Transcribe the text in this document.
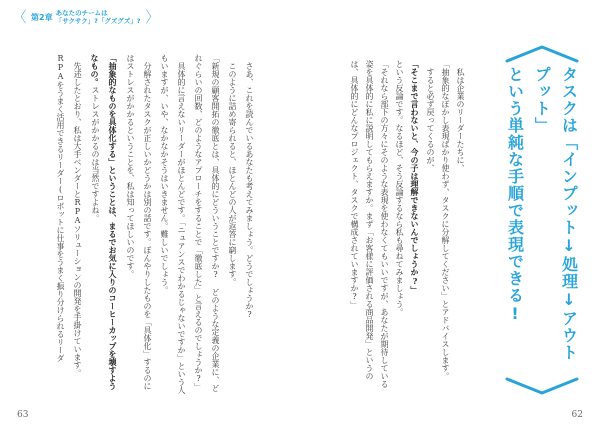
〈 第2章 あなたのチームは
「サクサク」?「グズグズ」? 〉

タスクは「インプット↓処理↓アウトプット」

という単純な手順で表現できる!

私は企業のリーダーたちに、

「抽象的なぼかし表現ばかり使わず、タスクに分解してください」とアドバイスします。

すると必ず戻ってくるのが、

「そこまで言わないと、今の子は理解できないんでしょうか?」

という反論です。なるほど、そう反論するなら私も尋ねてみましょう。

「それなら部下の方々にそのような表現を使わなくてもいいですが、あなたが期待している姿を具体的に私に説明してもらえますか。まず「お客様に評価される商品開発」というのは、具体的にどんなプロジェクト、タスクで構成されていますか?」

さあ、これを読んでいるあなたも考えてみましょう。どうでしょうか?

このように詰め寄られると、ほとんどの人が返答に窮します。

「新規の顧客開拓の徹底とは、具体的にどういうことですか? どのような定義の企業に、どれぐらいの回数、どのようなアプローチをすることで「徹底した」と言えるのでしょうか?」

具体的に言えないリーダーがほとんどです。「ニュアンスでわかるじゃないですか」という人もいますが、いや、なかなかそうはいきません。難しいでしょう。

分解されたタスクが正しいかどうかは別の話です。ぼんやりしたものを「具体化」するのにはストレスがかかるということを、私は知ってほしいのです。

「抽象的なものを具体化する」ということは、まるでお気に入りのコーヒーカップを壊すようなもの。ストレスがかかるのは当然ですよね。

先述したとおり、私は大手ベンダーとRPAソリューションの開発を手掛けています。

RPAをうまく活用できるリーダー(ロボットに仕事をうまく振り分けられるリーダ

63	62
